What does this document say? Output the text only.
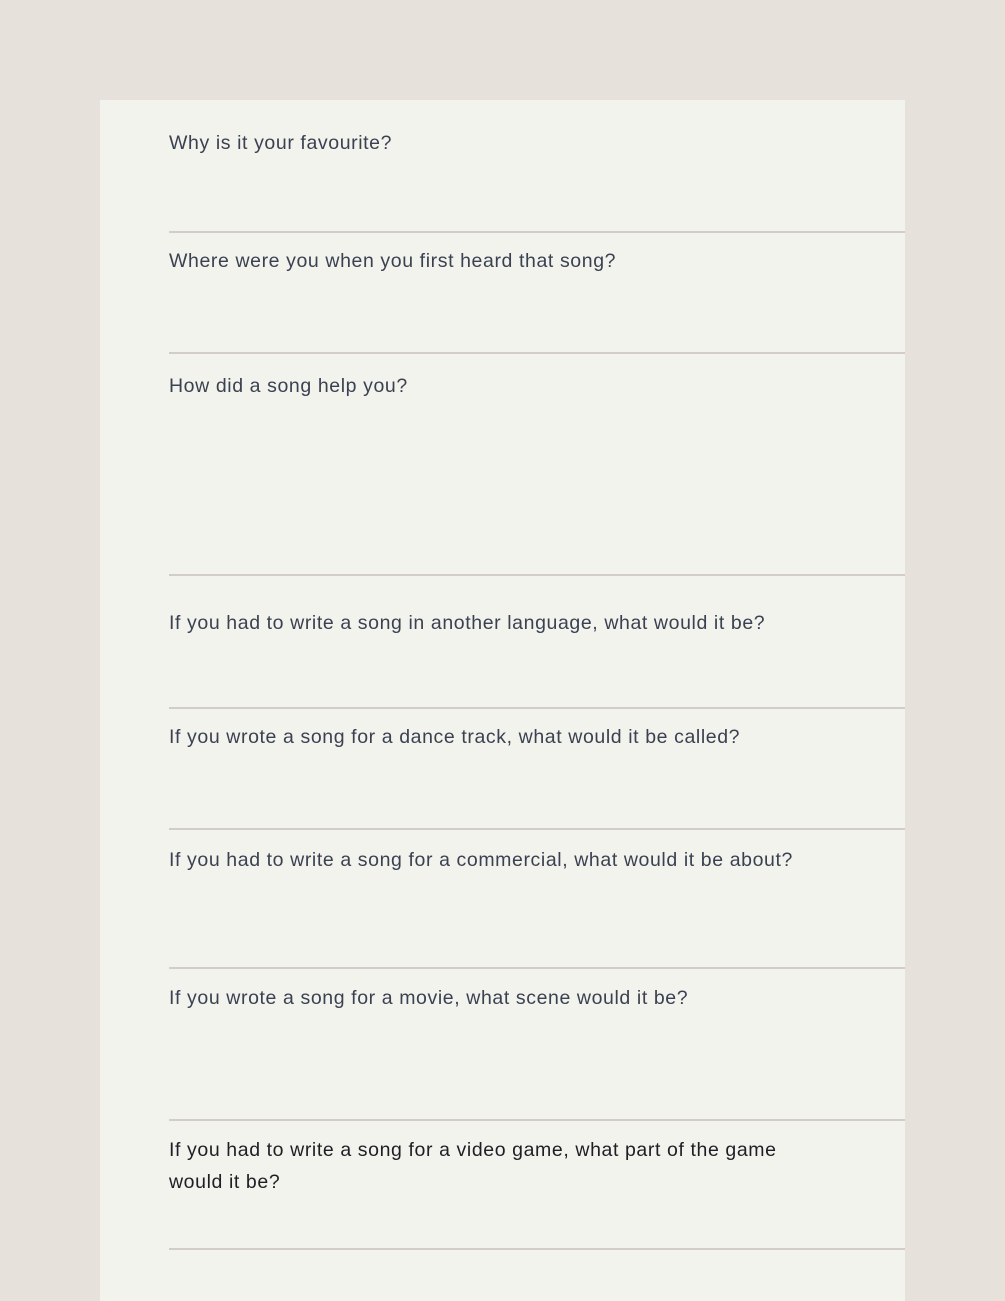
Why is it your favourite?

Where were you when you first heard that song?

How did a song help you?

If you had to write a song in another language, what would it be?

If you wrote a song for a dance track, what would it be called?

If you had to write a song for a commercial, what would it be about?

If you wrote a song for a movie, what scene would it be?

If you had to write a song for a video game, what part of the game would it be?
